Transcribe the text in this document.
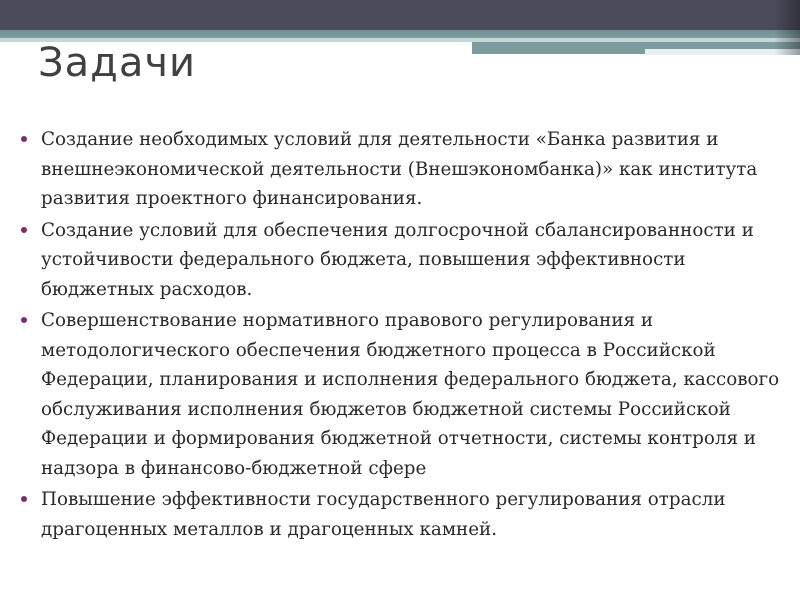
Задачи
Создание необходимых условий для деятельности «Банка развития и внешнеэкономической деятельности (Внешэкономбанка)» как института развития проектного финансирования.
Создание условий для обеспечения долгосрочной сбалансированности и устойчивости федерального бюджета, повышения эффективности бюджетных расходов.
Совершенствование нормативного правового регулирования и методологического обеспечения бюджетного процесса в Российской Федерации, планирования и исполнения федерального бюджета, кассового обслуживания исполнения бюджетов бюджетной системы Российской Федерации и формирования бюджетной отчетности, системы контроля и надзора в финансово-бюджетной сфере
Повышение эффективности государственного регулирования отрасли драгоценных металлов и драгоценных камней.
